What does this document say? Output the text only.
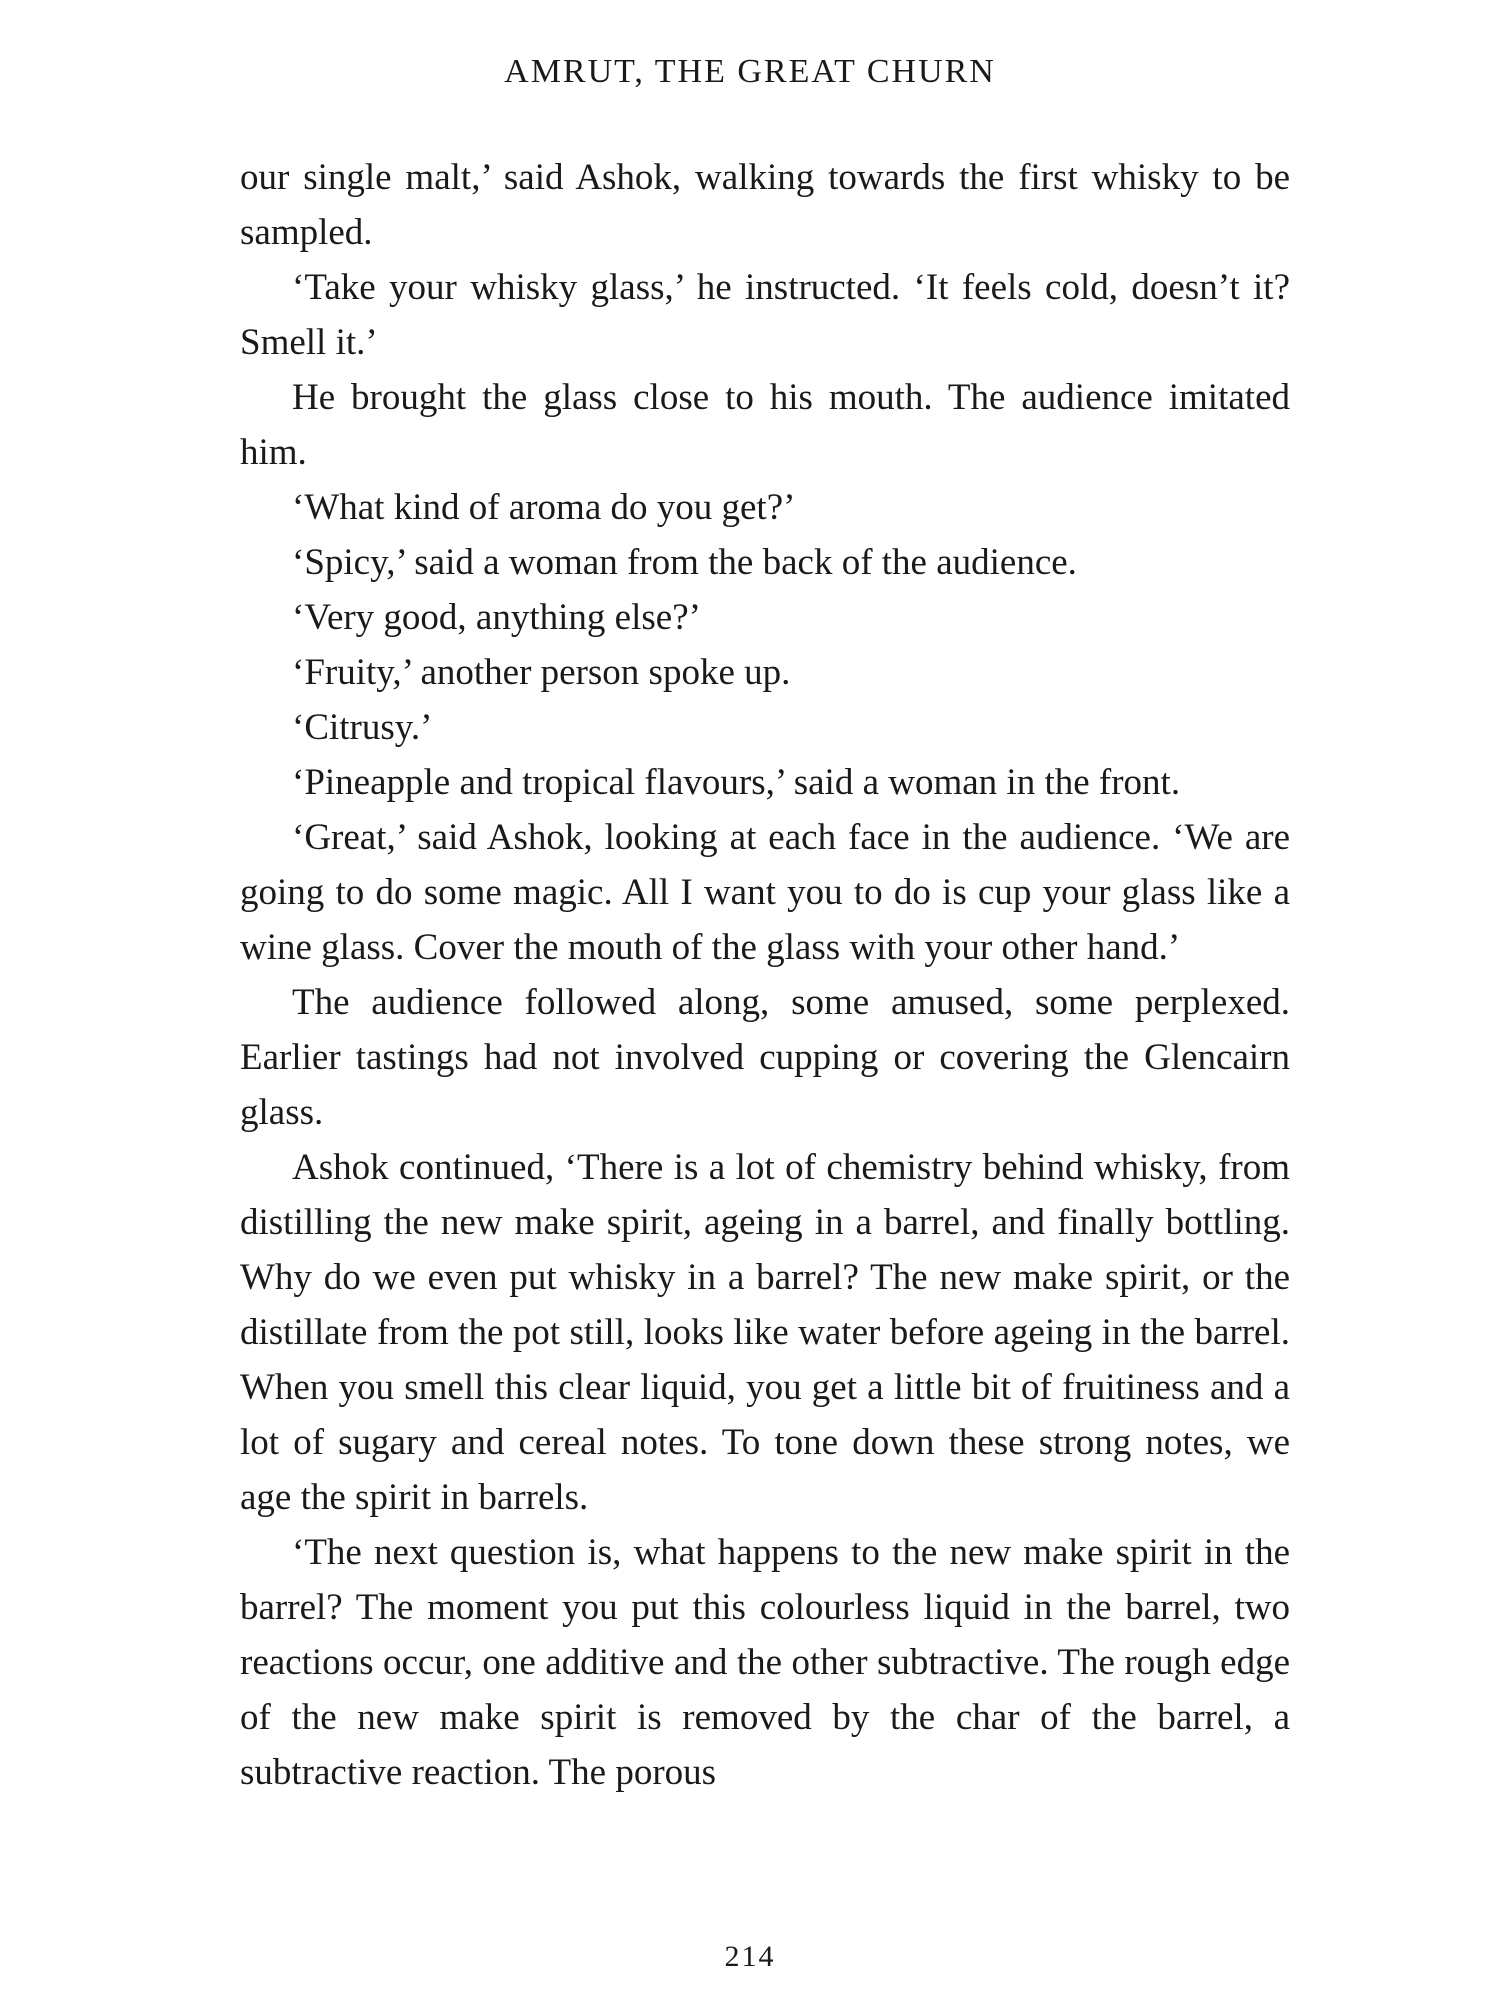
AMRUT, THE GREAT CHURN

our single malt,’ said Ashok, walking towards the first whisky to be sampled.

‘Take your whisky glass,’ he instructed. ‘It feels cold, doesn’t it? Smell it.’

He brought the glass close to his mouth. The audience imitated him.

‘What kind of aroma do you get?’

‘Spicy,’ said a woman from the back of the audience.

‘Very good, anything else?’

‘Fruity,’ another person spoke up.

‘Citrusy.’

‘Pineapple and tropical flavours,’ said a woman in the front.

‘Great,’ said Ashok, looking at each face in the audience. ‘We are going to do some magic. All I want you to do is cup your glass like a wine glass. Cover the mouth of the glass with your other hand.’

The audience followed along, some amused, some perplexed. Earlier tastings had not involved cupping or covering the Glencairn glass.

Ashok continued, ‘There is a lot of chemistry behind whisky, from distilling the new make spirit, ageing in a barrel, and finally bottling. Why do we even put whisky in a barrel? The new make spirit, or the distillate from the pot still, looks like water before ageing in the barrel. When you smell this clear liquid, you get a little bit of fruitiness and a lot of sugary and cereal notes. To tone down these strong notes, we age the spirit in barrels.

‘The next question is, what happens to the new make spirit in the barrel? The moment you put this colourless liquid in the barrel, two reactions occur, one additive and the other subtractive. The rough edge of the new make spirit is removed by the char of the barrel, a subtractive reaction. The porous

214
